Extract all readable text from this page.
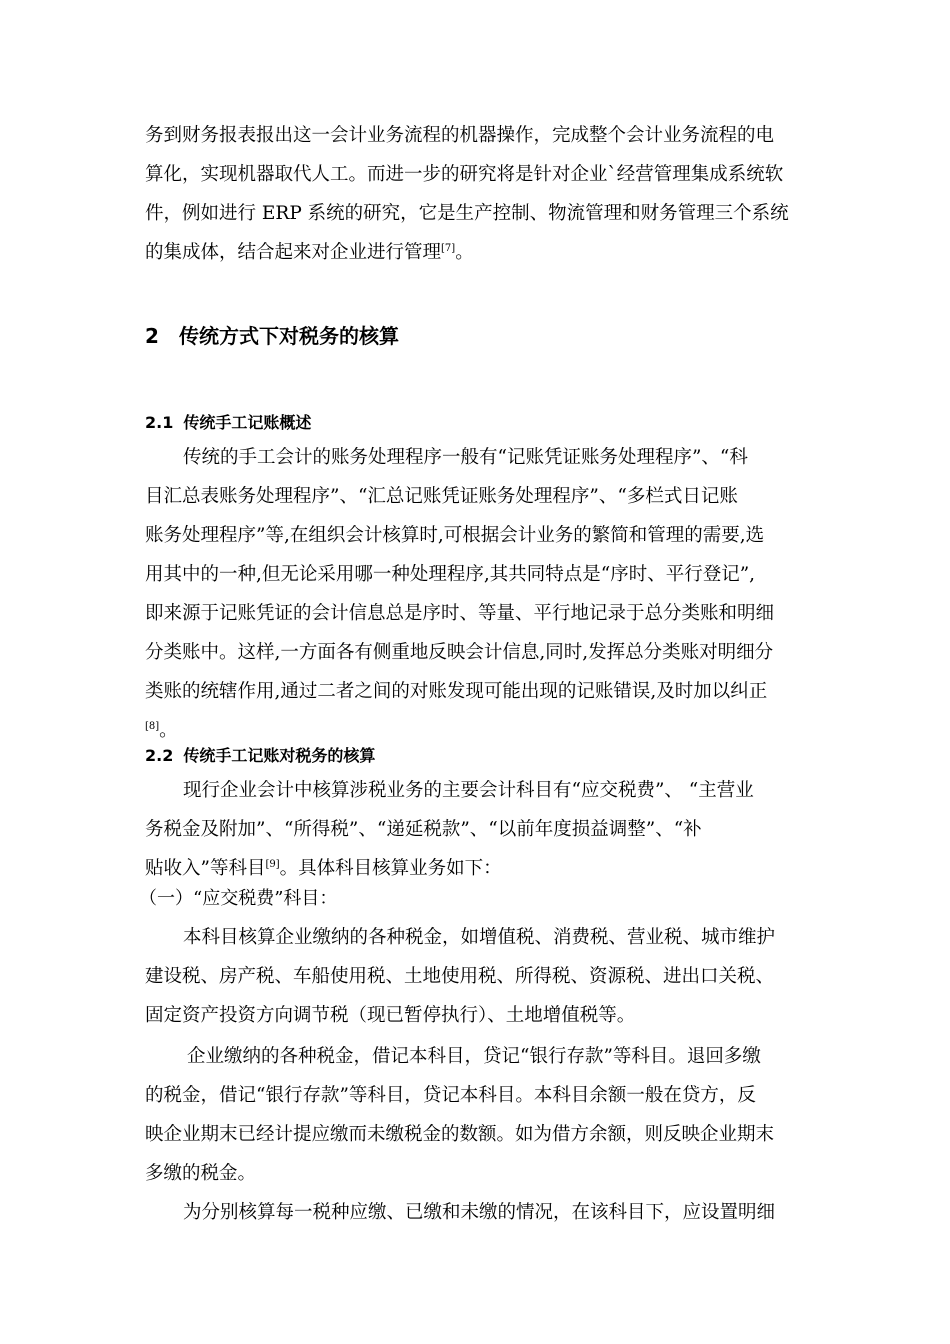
务到财务报表报出这一会计业务流程的机器操作，完成整个会计业务流程的电
算化，实现机器取代人工。而进一步的研究将是针对企业`经营管理集成系统软
件，例如进行 ERP 系统的研究，它是生产控制、物流管理和财务管理三个系统
的集成体，结合起来对企业进行管理[7]。
2 传统方式下对税务的核算
2.1 传统手工记账概述
传统的手工会计的账务处理程序一般有“记账凭证账务处理程序”、“科
目汇总表账务处理程序”、“汇总记账凭证账务处理程序”、“多栏式日记账
账务处理程序”等,在组织会计核算时,可根据会计业务的繁简和管理的需要,选
用其中的一种,但无论采用哪一种处理程序,其共同特点是“序时、平行登记”,
即来源于记账凭证的会计信息总是序时、等量、平行地记录于总分类账和明细
分类账中。这样,一方面各有侧重地反映会计信息,同时,发挥总分类账对明细分
类账的统辖作用,通过二者之间的对账发现可能出现的记账错误,及时加以纠正
[8]。
2.2 传统手工记账对税务的核算
现行企业会计中核算涉税业务的主要会计科目有“应交税费”、 “主营业
务税金及附加”、“所得税”、“递延税款”、“以前年度损益调整”、“补
贴收入”等科目[9]。具体科目核算业务如下：

（一）“应交税费”科目：

本科目核算企业缴纳的各种税金，如增值税、消费税、营业税、城市维护
建设税、房产税、车船使用税、土地使用税、所得税、资源税、进出口关税、
固定资产投资方向调节税（现已暂停执行）、土地增值税等。
企业缴纳的各种税金，借记本科目，贷记“银行存款”等科目。退回多缴
的税金，借记“银行存款”等科目，贷记本科目。本科目余额一般在贷方，反
映企业期末已经计提应缴而未缴税金的数额。如为借方余额，则反映企业期末
多缴的税金。
为分别核算每一税种应缴、已缴和未缴的情况，在该科目下，应设置明细
